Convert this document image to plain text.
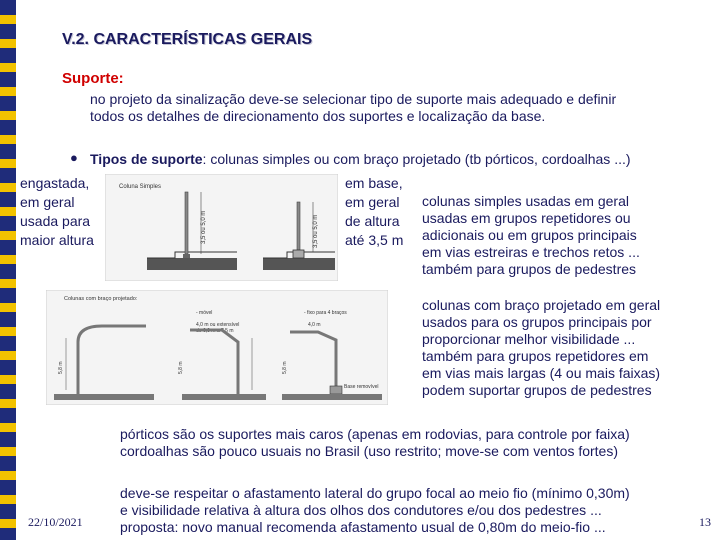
V.2. CARACTERÍSTICAS GERAIS
Suporte:
no projeto da sinalização deve-se selecionar tipo de suporte mais adequado e definir
todos os detalhes de direcionamento dos suportes e localização da base.
● Tipos de suporte: colunas simples ou com braço projetado (tb pórticos, cordoalhas ...)
engastada,
em geral
usada para
maior altura
Coluna Simples
3,5 ou 5,0 m	3,5 ou 5,0 m
em base,
em geral
de altura
até 3,5 m
colunas simples usadas em geral
usadas em grupos repetidores ou
adicionais ou em grupos principais
em vias estreiras e trechos retos ...
também para grupos de pedestres
Colunas com braço projetado:
- móvel	- fixo para 4 braços
4,0 m ou extensível
de 6,0 m a 7,5 m
4,0 m
5,8 m	5,8 m	5,8 m
Base removível
colunas com braço projetado em geral
usados para os grupos principais por
proporcionar melhor visibilidade ...
também para grupos repetidores em
em vias mais largas (4 ou mais faixas)
podem suportar grupos de pedestres
pórticos são os suportes mais caros (apenas em rodovias, para controle por faixa)
cordoalhas são pouco usuais no Brasil (uso restrito; move-se com ventos fortes)
deve-se respeitar o afastamento lateral do grupo focal ao meio fio (mínimo 0,30m)
e visibilidade relativa à altura dos olhos dos condutores e/ou dos pedestres ...
proposta: novo manual recomenda afastamento usual de 0,80m do meio-fio ...
22/10/2021	13
